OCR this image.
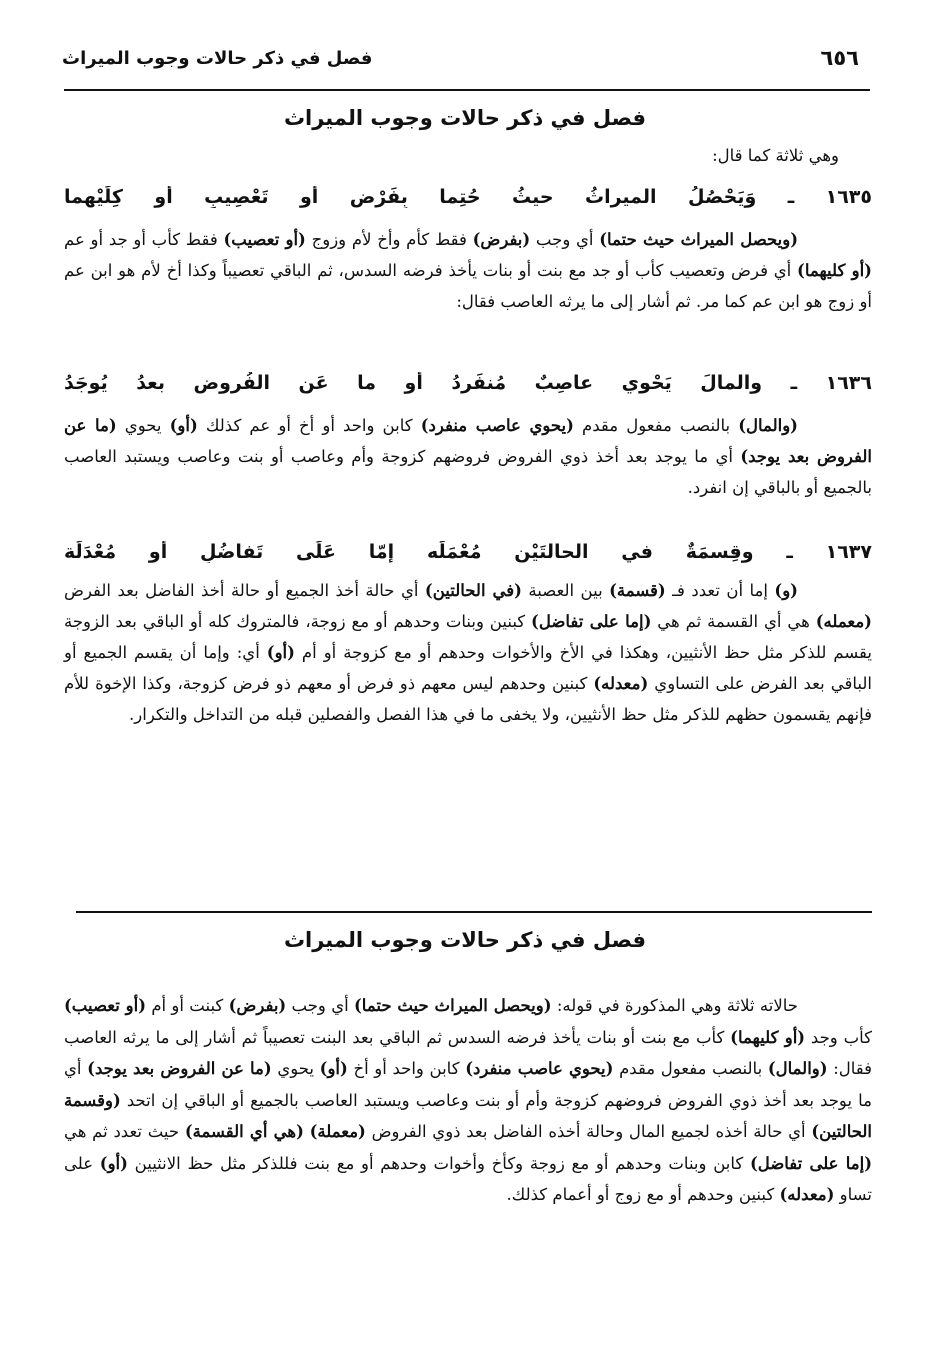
٦٥٦
فصل في ذكر حالات وجوب الميراث
فصل في ذكر حالات وجوب الميراث
وهي ثلاثة كما قال:
١٦٣٥ ـ وَيَحْصُلُ الميراثُ حيثُ حُتِما بِفَرْضٍ أو تَعْصِيبٍ أو كِلَيْهِما

(ويحصل الميراث حيث حتما) أي وجب (بفرض) فقط كأم وأخ لأم وزوج (أو تعصيب) فقط كأب أو جد أو عم (أو كليهما) أي فرض وتعصيب كأب أو جد مع بنت أو بنات يأخذ فرضه السدس، ثم الباقي تعصيباً وكذا أخ لأم هو ابن عم أو زوج هو ابن عم كما مر. ثم أشار إلى ما يرثه العاصب فقال:

١٦٣٦ ـ والمالَ يَحْوِي عاصِبٌ مُنفَرِدُ أو ما عَنِ الفُروضِ بعدُ يُوجَدُ

(والمال) بالنصب مفعول مقدم (يحوي عاصب منفرد) كابن واحد أو أخ أو عم كذلك (أو) يحوي (ما عن الفروض بعد يوجد) أي ما يوجد بعد أخذ ذوي الفروض فروضهم كزوجة وأم وعاصب أو بنت وعاصب ويستبد العاصب بالجميع أو بالباقي إن انفرد.

١٦٣٧ ـ وقِسمَةٌ في الحالتَيْنِ مُعْمَلَه إمّا عَلَى تَفاضُلٍ أو مُعْدَلَة

(و) إما أن تعدد فـ (قسمة) بين العصبة (في الحالتين) أي حالة أخذ الجميع أو حالة أخذ الفاضل بعد الفرض (معمله) هي أي القسمة ثم هي (إما على تفاضل) كبنين وبنات وحدهم أو مع زوجة، فالمتروك كله أو الباقي بعد الزوجة يقسم للذكر مثل حظ الأنثيين، وهكذا في الأخ والأخوات وحدهم أو مع كزوجة أو أم (أو) أي: وإما أن يقسم الجميع أو الباقي بعد الفرض على التساوي (معدله) كبنين وحدهم ليس معهم ذو فرض أو معهم ذو فرض كزوجة، وكذا الإخوة للأم فإنهم يقسمون حظهم للذكر مثل حظ الأنثيين، ولا يخفى ما في هذا الفصل والفصلين قبله من التداخل والتكرار.

فصل في ذكر حالات وجوب الميراث

حالاته ثلاثة وهي المذكورة في قوله: (ويحصل الميراث حيث حتما) أي وجب (بفرض) كبنت أو أم (أو تعصيب) كأب وجد (أو كليهما) كأب مع بنت أو بنات يأخذ فرضه السدس ثم الباقي بعد البنت تعصيباً ثم أشار إلى ما يرثه العاصب فقال: (والمال) بالنصب مفعول مقدم (يحوي عاصب منفرد) كابن واحد أو أخ (أو) يحوي (ما عن الفروض بعد يوجد) أي ما يوجد بعد أخذ ذوي الفروض فروضهم كزوجة وأم أو بنت وعاصب ويستبد العاصب بالجميع أو الباقي إن اتحد (وقسمة الحالتين) أي حالة أخذه لجميع المال وحالة أخذه الفاضل بعد ذوي الفروض (معملة) (هي أي القسمة) حيث تعدد ثم هي (إما على تفاضل) كابن وبنات وحدهم أو مع زوجة وكأخ وأخوات وحدهم أو مع بنت فللذكر مثل حظ الانثيين (أو) على تساو (معدله) كبنين وحدهم أو مع زوج أو أعمام كذلك.
